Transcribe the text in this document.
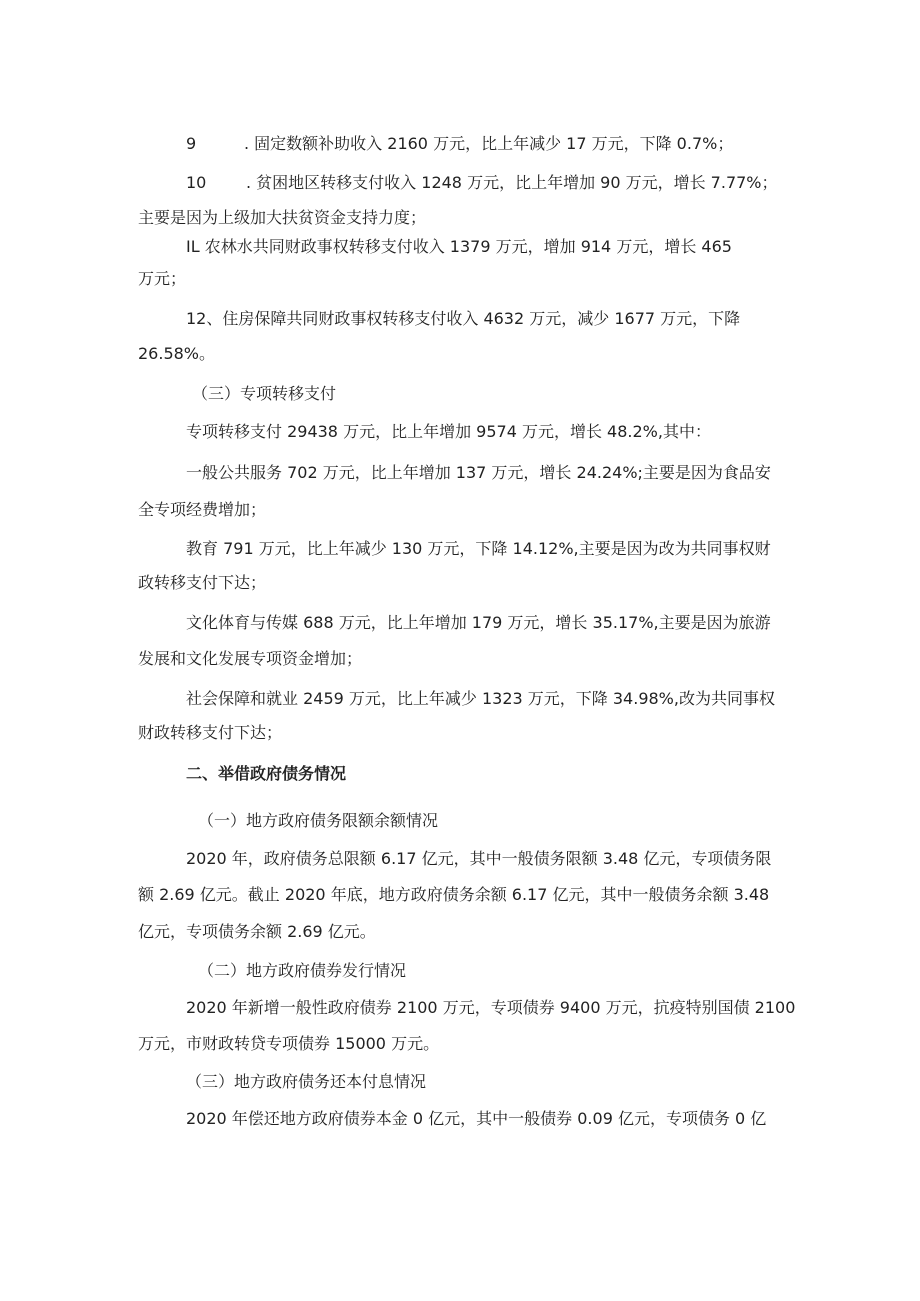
9	. 固定数额补助收入 2160 万元，比上年减少 17 万元，下降 0.7%；
10 . 贫困地区转移支付收入 1248 万元，比上年增加 90 万元，增长 7.77%；
主要是因为上级加大扶贫资金支持力度；
IL 农林水共同财政事权转移支付收入 1379 万元，增加 914 万元，增长 465
万元；
12、住房保障共同财政事权转移支付收入 4632 万元，减少 1677 万元，下降
26.58%。
（三）专项转移支付
专项转移支付 29438 万元，比上年增加 9574 万元，增长 48.2%,其中：
一般公共服务 702 万元，比上年增加 137 万元，增长 24.24%;主要是因为食品安
全专项经费增加；
教育 791 万元，比上年减少 130 万元，下降 14.12%,主要是因为改为共同事权财
政转移支付下达；
文化体育与传媒 688 万元，比上年增加 179 万元，增长 35.17%,主要是因为旅游
发展和文化发展专项资金增加；
社会保障和就业 2459 万元，比上年减少 1323 万元，下降 34.98%,改为共同事权
财政转移支付下达；
二、举借政府债务情况
（一）地方政府债务限额余额情况
2020 年，政府债务总限额 6.17 亿元，其中一般债务限额 3.48 亿元，专项债务限
额 2.69 亿元。截止 2020 年底，地方政府债务余额 6.17 亿元，其中一般债务余额 3.48
亿元，专项债务余额 2.69 亿元。
（二）地方政府债券发行情况
2020 年新增一般性政府债券 2100 万元，专项债券 9400 万元，抗疫特别国债 2100
万元，市财政转贷专项债券 15000 万元。
（三）地方政府债务还本付息情况
2020 年偿还地方政府债券本金 0 亿元，其中一般债券 0.09 亿元，专项债务 0 亿
